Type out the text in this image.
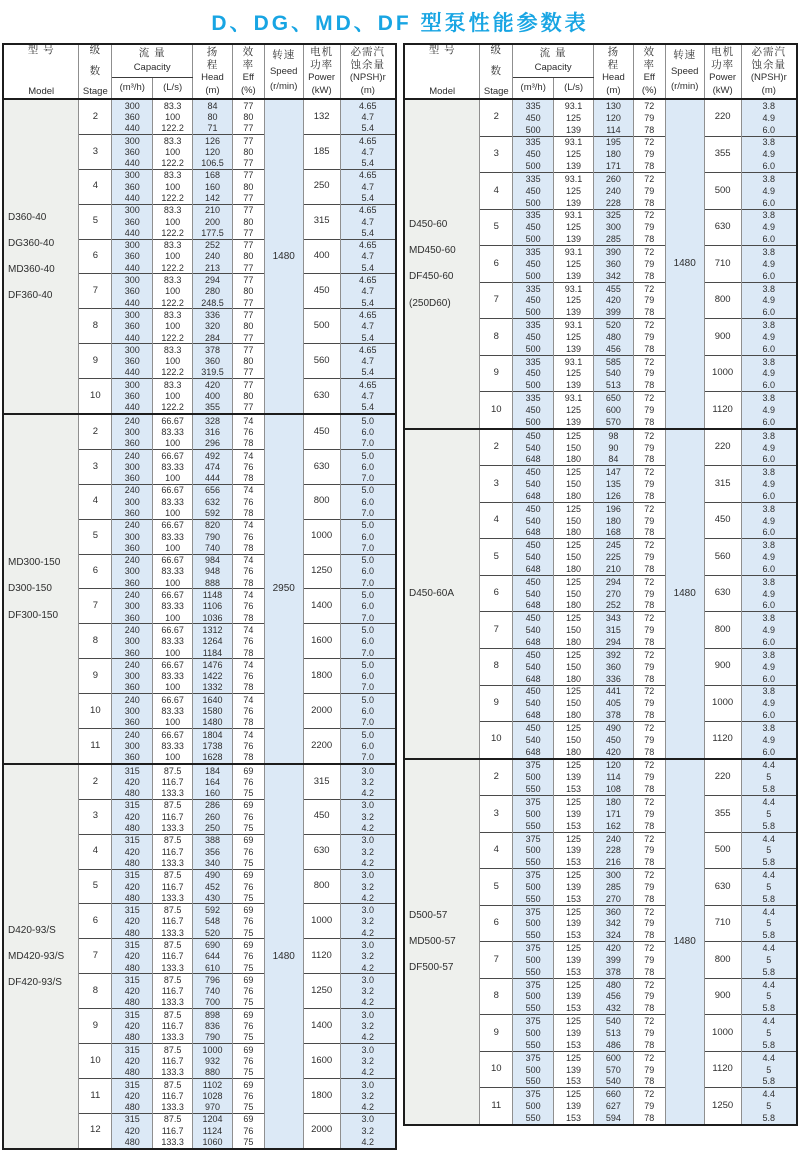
D、DG、MD、DF 型泵性能参数表
型 号
Model

级
数
Stage

流 量
Capacity

扬
程
Head
(m)

效
率
Eff
(%)

转速
Speed
(r/min)

电机
功率
Power
(kW)

必需汽
蚀余量
(NPSH)r
(m)

		(m³/h)	(L/s)					

D360-40
DG360-40
MD360-40
DF360-40	2	300	83.3	84	77	1480	132	4.65
		360	100	80	80			4.7
		440	122.2	71	77			5.4
	3	300	83.3	126	77		185	4.65
		360	100	120	80			4.7
		440	122.2	106.5	77			5.4
	4	300	83.3	168	77		250	4.65
		360	100	160	80			4.7
		440	122.2	142	77			5.4
	5	300	83.3	210	77		315	4.65
		360	100	200	80			4.7
		440	122.2	177.5	77			5.4
	6	300	83.3	252	77		400	4.65
		360	100	240	80			4.7
		440	122.2	213	77			5.4
	7	300	83.3	294	77		450	4.65
		360	100	280	80			4.7
		440	122.2	248.5	77			5.4
	8	300	83.3	336	77		500	4.65
		360	100	320	80			4.7
		440	122.2	284	77			5.4
	9	300	83.3	378	77		560	4.65
		360	100	360	80			4.7
		440	122.2	319.5	77			5.4
	10	300	83.3	420	77		630	4.65
		360	100	400	80			4.7
		440	122.2	355	77			5.4

MD300-150
D300-150
DF300-150	2	240	66.67	328	74	2950	450	5.0
		300	83.33	316	76			6.0
		360	100	296	78			7.0
	3	240	66.67	492	74		630	5.0
		300	83.33	474	76			6.0
		360	100	444	78			7.0
	4	240	66.67	656	74		800	5.0
		300	83.33	632	76			6.0
		360	100	592	78			7.0
	5	240	66.67	820	74		1000	5.0
		300	83.33	790	76			6.0
		360	100	740	78			7.0
	6	240	66.67	984	74		1250	5.0
		300	83.33	948	76			6.0
		360	100	888	78			7.0
	7	240	66.67	1148	74		1400	5.0
		300	83.33	1106	76			6.0
		360	100	1036	78			7.0
	8	240	66.67	1312	74		1600	5.0
		300	83.33	1264	76			6.0
		360	100	1184	78			7.0
	9	240	66.67	1476	74		1800	5.0
		300	83.33	1422	76			6.0
		360	100	1332	78			7.0
	10	240	66.67	1640	74		2000	5.0
		300	83.33	1580	76			6.0
		360	100	1480	78			7.0
	11	240	66.67	1804	74		2200	5.0
		300	83.33	1738	76			6.0
		360	100	1628	78			7.0

D420-93/S
MD420-93/S
DF420-93/S	2	315	87.5	184	69	1480	315	3.0
		420	116.7	164	76			3.2
		480	133.3	160	75			4.2
	3	315	87.5	286	69		450	3.0
		420	116.7	260	76			3.2
		480	133.3	250	75			4.2
	4	315	87.5	388	69		630	3.0
		420	116.7	356	76			3.2
		480	133.3	340	75			4.2
	5	315	87.5	490	69		800	3.0
		420	116.7	452	76			3.2
		480	133.3	430	75			4.2
	6	315	87.5	592	69		1000	3.0
		420	116.7	548	76			3.2
		480	133.3	520	75			4.2
	7	315	87.5	690	69		1120	3.0
		420	116.7	644	76			3.2
		480	133.3	610	75			4.2
	8	315	87.5	796	69		1250	3.0
		420	116.7	740	76			3.2
		480	133.3	700	75			4.2
	9	315	87.5	898	69		1400	3.0
		420	116.7	836	76			3.2
		480	133.3	790	75			4.2
	10	315	87.5	1000	69		1600	3.0
		420	116.7	932	76			3.2
		480	133.3	880	75			4.2
	11	315	87.5	1102	69		1800	3.0
		420	116.7	1028	76			3.2
		480	133.3	970	75			4.2
	12	315	87.5	1204	69		2000	3.0
		420	116.7	1124	76			3.2
		480	133.3	1060	75			4.2
型 号
Model

级
数
Stage

流 量
Capacity

扬
程
Head
(m)

效
率
Eff
(%)

转速
Speed
(r/min)

电机
功率
Power
(kW)

必需汽
蚀余量
(NPSH)r
(m)

		(m³/h)	(L/s)					

D450-60
MD450-60
DF450-60
(250D60)	2	335	93.1	130	72	1480	220	3.8
		450	125	120	79			4.9
		500	139	114	78			6.0
	3	335	93.1	195	72		355	3.8
		450	125	180	79			4.9
		500	139	171	78			6.0
	4	335	93.1	260	72		500	3.8
		450	125	240	79			4.9
		500	139	228	78			6.0
	5	335	93.1	325	72		630	3.8
		450	125	300	79			4.9
		500	139	285	78			6.0
	6	335	93.1	390	72		710	3.8
		450	125	360	79			4.9
		500	139	342	78			6.0
	7	335	93.1	455	72		800	3.8
		450	125	420	79			4.9
		500	139	399	78			6.0
	8	335	93.1	520	72		900	3.8
		450	125	480	79			4.9
		500	139	456	78			6.0
	9	335	93.1	585	72		1000	3.8
		450	125	540	79			4.9
		500	139	513	78			6.0
	10	335	93.1	650	72		1120	3.8
		450	125	600	79			4.9
		500	139	570	78			6.0

D450-60A	2	450	125	98	72	1480	220	3.8
		540	150	90	79			4.9
		648	180	84	78			6.0
	3	450	125	147	72		315	3.8
		540	150	135	79			4.9
		648	180	126	78			6.0
	4	450	125	196	72		450	3.8
		540	150	180	79			4.9
		648	180	168	78			6.0
	5	450	125	245	72		560	3.8
		540	150	225	79			4.9
		648	180	210	78			6.0
	6	450	125	294	72		630	3.8
		540	150	270	79			4.9
		648	180	252	78			6.0
	7	450	125	343	72		800	3.8
		540	150	315	79			4.9
		648	180	294	78			6.0
	8	450	125	392	72		900	3.8
		540	150	360	79			4.9
		648	180	336	78			6.0
	9	450	125	441	72		1000	3.8
		540	150	405	79			4.9
		648	180	378	78			6.0
	10	450	125	490	72		1120	3.8
		540	150	450	79			4.9
		648	180	420	78			6.0

D500-57
MD500-57
DF500-57	2	375	125	120	72	1480	220	4.4
		500	139	114	79			5
		550	153	108	78			5.8
	3	375	125	180	72		355	4.4
		500	139	171	79			5
		550	153	162	78			5.8
	4	375	125	240	72		500	4.4
		500	139	228	79			5
		550	153	216	78			5.8
	5	375	125	300	72		630	4.4
		500	139	285	79			5
		550	153	270	78			5.8
	6	375	125	360	72		710	4.4
		500	139	342	79			5
		550	153	324	78			5.8
	7	375	125	420	72		800	4.4
		500	139	399	79			5
		550	153	378	78			5.8
	8	375	125	480	72		900	4.4
		500	139	456	79			5
		550	153	432	78			5.8
	9	375	125	540	72		1000	4.4
		500	139	513	79			5
		550	153	486	78			5.8
	10	375	125	600	72		1120	4.4
		500	139	570	79			5
		550	153	540	78			5.8
	11	375	125	660	72		1250	4.4
		500	139	627	79			5
		550	153	594	78			5.8
